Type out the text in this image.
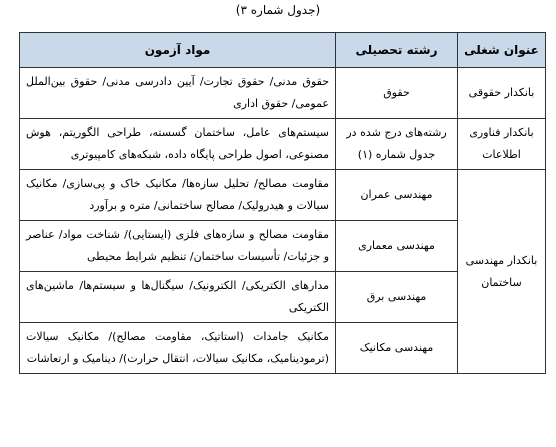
(جدول شماره ۳)
عنوان شغلی	رشته تحصیلی	مواد آزمون
بانکدار حقوقی	حقوق	حقوق مدنی/ حقوق تجارت/ آیین دادرسی مدنی/ حقوق بین‌الملل عمومی/ حقوق اداری
بانکدار فناوری اطلاعات	رشته‌های درج شده در جدول شماره (۱)	سیستم‌های عامل، ساختمان گسسته، طراحی الگوریتم، هوش مصنوعی، اصول طراحی پایگاه داده، شبکه‌های کامپیوتری
بانکدار مهندسی ساختمان	مهندسی عمران	مقاومت مصالح/ تحلیل سازه‌ها/ مکانیک خاک و پی‌سازی/ مکانیک سیالات و هیدرولیک/ مصالح ساختمانی/ متره و برآورد
	مهندسی معماری	مقاومت مصالح و سازه‌های فلزی (ایستایی)/ شناخت مواد/ عناصر و جزئیات/ تأسیسات ساختمان/ تنظیم شرایط محیطی
	مهندسی برق	مدارهای الکتریکی/ الکترونیک/ سیگنال‌ها و سیستم‌ها/ ماشین‌های الکتریکی
	مهندسی مکانیک	مکانیک جامدات (استاتیک، مقاومت مصالح)/ مکانیک سیالات (ترمودینامیک، مکانیک سیالات، انتقال حرارت)/ دینامیک و ارتعاشات
